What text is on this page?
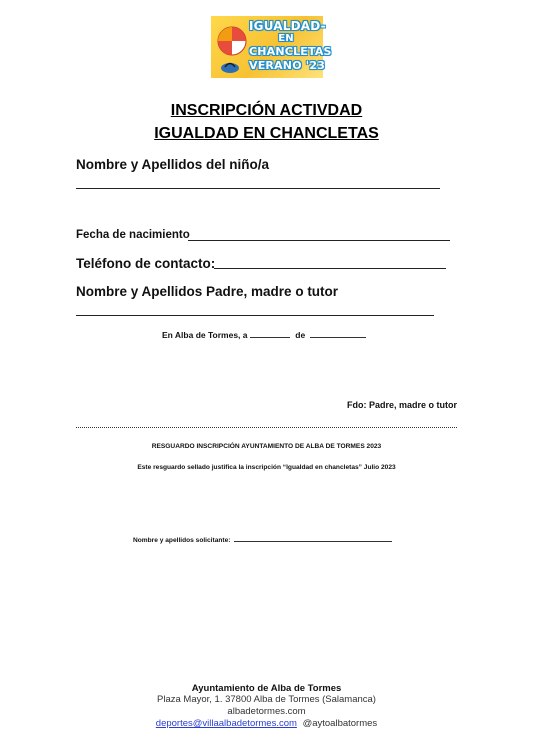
IGUALDAD-
EN
CHANCLETAS
VERANO '23
INSCRIPCIÓN ACTIVDAD
IGUALDAD EN CHANCLETAS
Nombre y Apellidos del niño/a
Fecha de nacimiento
Teléfono de contacto:
Nombre y Apellidos Padre, madre o tutor
En Alba de Tormes, a	de
Fdo: Padre, madre o tutor
RESGUARDO INSCRIPCIÓN AYUNTAMIENTO DE ALBA DE TORMES 2023
Este resguardo sellado justifica la inscripción “Igualdad en chancletas” Julio 2023
Nombre y apellidos solicitante:
Ayuntamiento de Alba de Tormes
Plaza Mayor, 1. 37800 Alba de Tormes (Salamanca)
albadetormes.com
deportes@villaalbadetormes.com @aytoalbatormes
